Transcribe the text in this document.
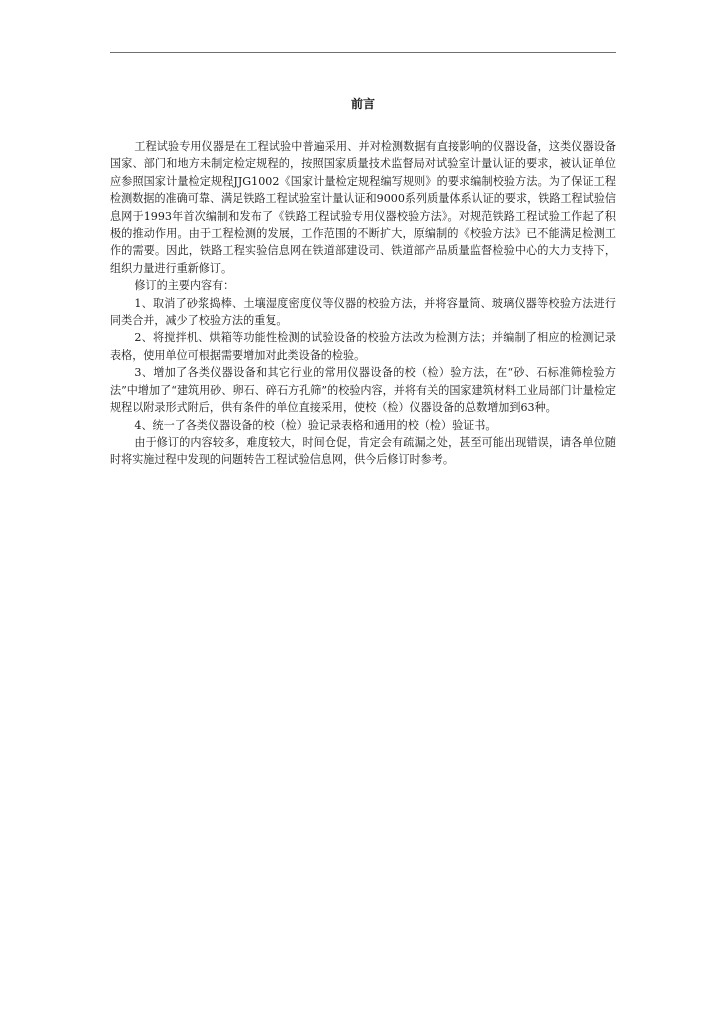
前言

工程试验专用仪器是在工程试验中普遍采用、并对检测数据有直接影响的仪器设备，这类仪器设备国家、部门和地方未制定检定规程的，按照国家质量技术监督局对试验室计量认证的要求，被认证单位应参照国家计量检定规程JJG1002《国家计量检定规程编写规则》的要求编制校验方法。为了保证工程检测数据的准确可靠、满足铁路工程试验室计量认证和9000系列质量体系认证的要求，铁路工程试验信息网于1993年首次编制和发布了《铁路工程试验专用仪器校验方法》。对规范铁路工程试验工作起了积极的推动作用。由于工程检测的发展，工作范围的不断扩大，原编制的《校验方法》已不能满足检测工作的需要。因此，铁路工程实验信息网在铁道部建设司、铁道部产品质量监督检验中心的大力支持下，组织力量进行重新修订。

修订的主要内容有：

1、取消了砂浆捣棒、土壤湿度密度仪等仪器的校验方法，并将容量筒、玻璃仪器等校验方法进行同类合并，减少了校验方法的重复。

2、将搅拌机、烘箱等功能性检测的试验设备的校验方法改为检测方法；并编制了相应的检测记录表格，使用单位可根据需要增加对此类设备的检验。

3、增加了各类仪器设备和其它行业的常用仪器设备的校（检）验方法，在“砂、石标准筛检验方法”中增加了“建筑用砂、卵石、碎石方孔筛”的校验内容，并将有关的国家建筑材料工业局部门计量检定规程以附录形式附后，供有条件的单位直接采用，使校（检）仪器设备的总数增加到63种。

4、统一了各类仪器设备的校（检）验记录表格和通用的校（检）验证书。

由于修订的内容较多，难度较大，时间仓促，肯定会有疏漏之处，甚至可能出现错误，请各单位随时将实施过程中发现的问题转告工程试验信息网，供今后修订时参考。
